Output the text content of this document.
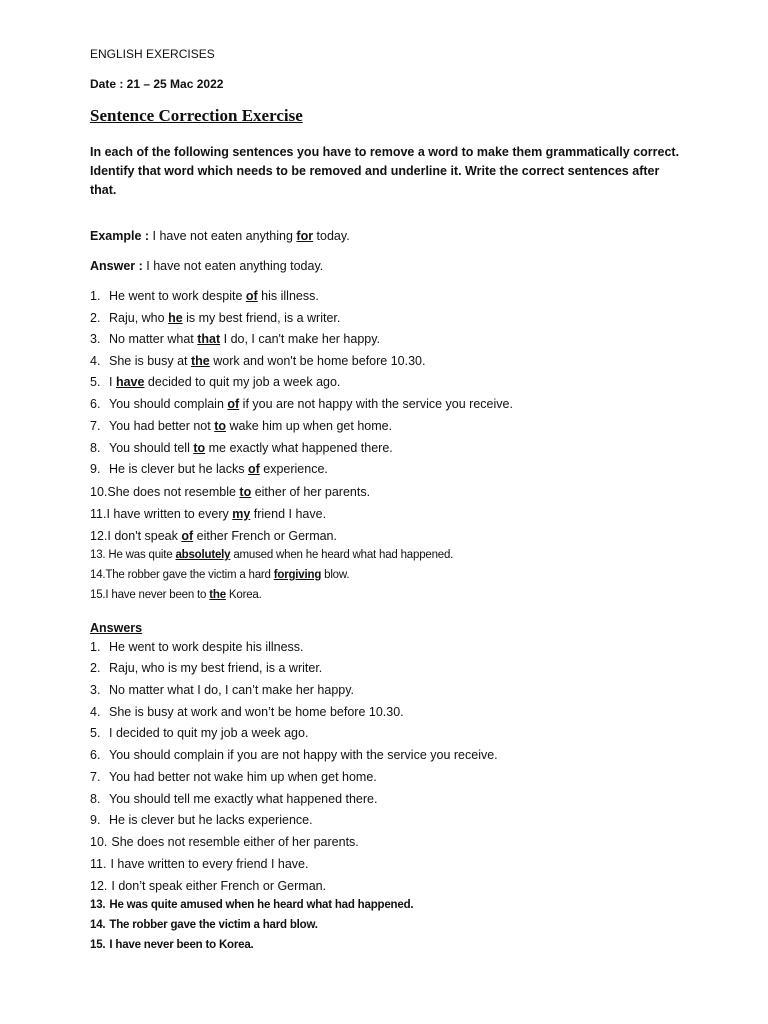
ENGLISH EXERCISES
Date : 21 – 25 Mac 2022
Sentence Correction Exercise
In each of the following sentences you have to remove a word to make them grammatically correct. Identify that word which needs to be removed and underline it. Write the correct sentences after that.
Example : I have not eaten anything for today.
Answer : I have not eaten anything today.
1. He went to work despite of his illness.
2. Raju, who he is my best friend, is a writer.
3. No matter what that I do, I can't make her happy.
4. She is busy at the work and won't be home before 10.30.
5. I have decided to quit my job a week ago.
6. You should complain of if you are not happy with the service you receive.
7. You had better not to wake him up when get home.
8. You should tell to me exactly what happened there.
9. He is clever but he lacks of experience.
10.She does not resemble to either of her parents.
11.I have written to every my friend I have.
12.I don't speak of either French or German.
13. He was quite absolutely amused when he heard what had happened.
14.The robber gave the victim a hard forgiving blow.
15.I have never been to the Korea.
Answers
1. He went to work despite his illness.
2. Raju, who is my best friend, is a writer.
3. No matter what I do, I can’t make her happy.
4. She is busy at work and won’t be home before 10.30.
5. I decided to quit my job a week ago.
6. You should complain if you are not happy with the service you receive.
7. You had better not wake him up when get home.
8. You should tell me exactly what happened there.
9. He is clever but he lacks experience.
10. She does not resemble either of her parents.
11. I have written to every friend I have.
12. I don’t speak either French or German.
13. He was quite amused when he heard what had happened.
14. The robber gave the victim a hard blow.
15. I have never been to Korea.
